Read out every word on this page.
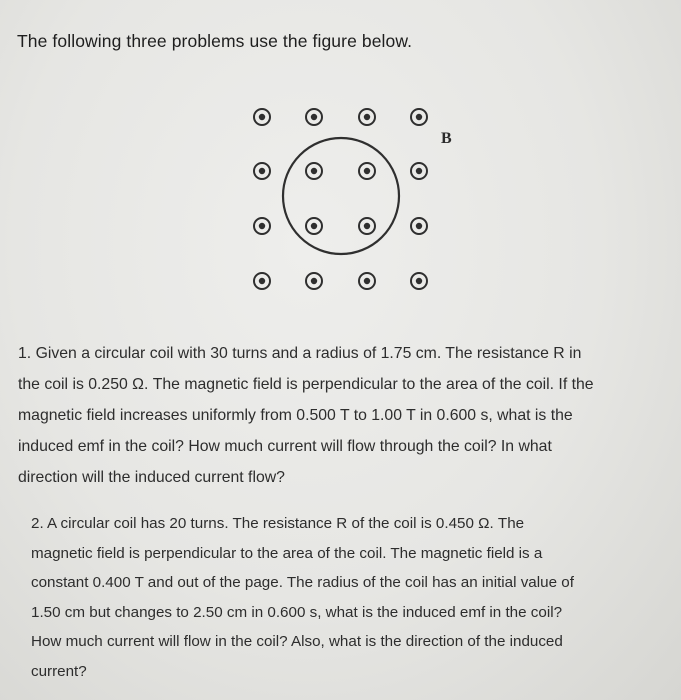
The following three problems use the figure below.
B
1. Given a circular coil with 30 turns and a radius of 1.75 cm. The resistance R in
the coil is 0.250 Ω. The magnetic field is perpendicular to the area of the coil. If the
magnetic field increases uniformly from 0.500 T to 1.00 T in 0.600 s, what is the
induced emf in the coil? How much current will flow through the coil? In what
direction will the induced current flow?
2. A circular coil has 20 turns. The resistance R of the coil is 0.450 Ω. The
magnetic field is perpendicular to the area of the coil. The magnetic field is a
constant 0.400 T and out of the page. The radius of the coil has an initial value of
1.50 cm but changes to 2.50 cm in 0.600 s, what is the induced emf in the coil?
How much current will flow in the coil? Also, what is the direction of the induced
current?
